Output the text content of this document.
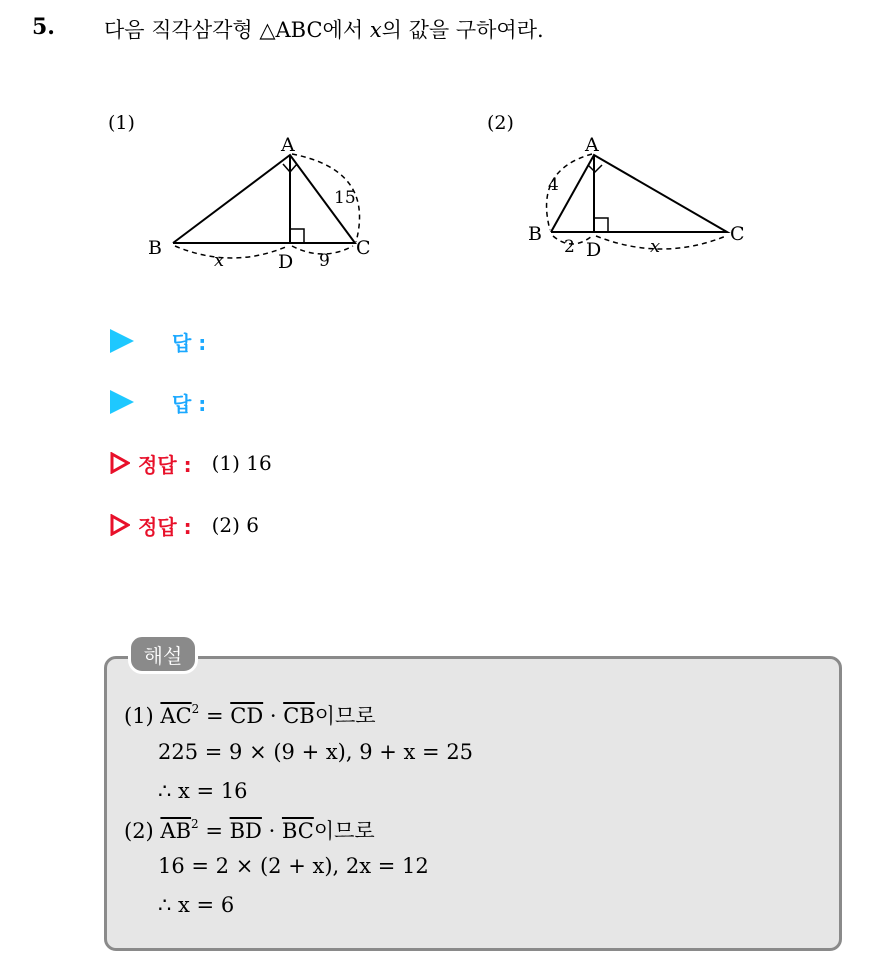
5. 다음 직각삼각형 △ABC에서 x의 값을 구하여라.
(1)
A
B	C
D
15
x	9
(2)
A
B	C
D
4
2	x
답 :
답 :
정답 : (1) 16
정답 : (2) 6
해설
(1) $\overline{AC}^2 = \overline{CD} \cdot \overline{CB}$이므로
225 = 9 × (9 + x), 9 + x = 25
∴ x = 16
(2) $\overline{AB}^2 = \overline{BD} \cdot \overline{BC}$이므로
16 = 2 × (2 + x), 2x = 12
∴ x = 6
